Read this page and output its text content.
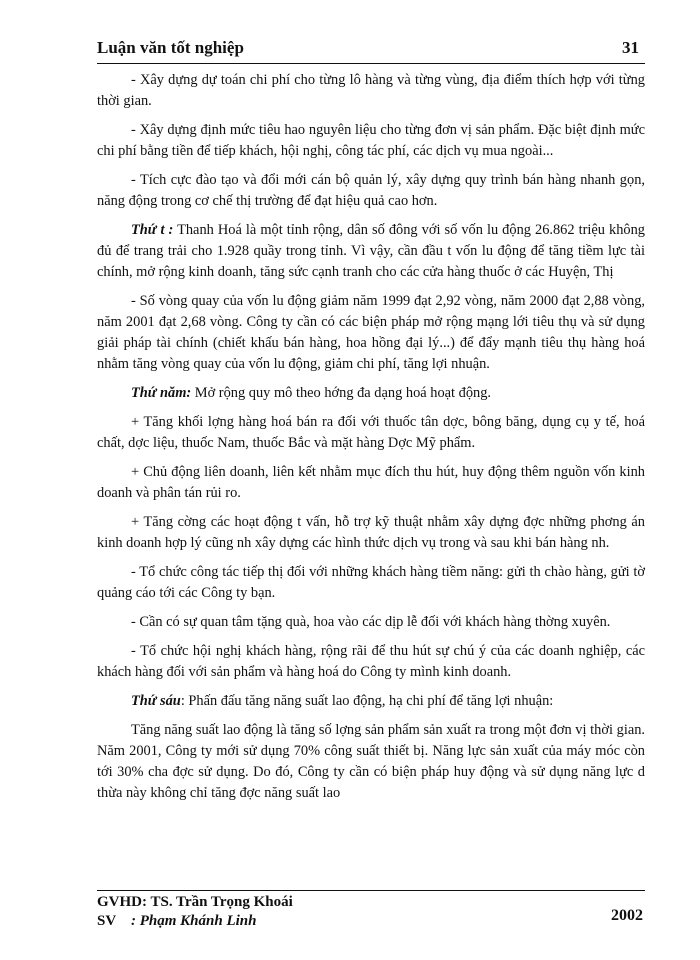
Luận văn tốt nghiệp	31

- Xây dựng dự toán chi phí cho từng lô hàng và từng vùng, địa điểm thích hợp với từng thời gian.

- Xây dựng định mức tiêu hao nguyên liệu cho từng đơn vị sản phẩm. Đặc biệt định mức chi phí bằng tiền để tiếp khách, hội nghị, công tác phí, các dịch vụ mua ngoài...

- Tích cực đào tạo và đổi mới cán bộ quản lý, xây dựng quy trình bán hàng nhanh gọn, năng động trong cơ chế thị trường để đạt hiệu quả cao hơn.

Thứ t : Thanh Hoá là một tỉnh rộng, dân số đông với số vốn lu động 26.862 triệu không đủ để trang trải cho 1.928 quầy trong tỉnh. Vì vậy, cần đầu t vốn lu động để tăng tiềm lực tài chính, mở rộng kinh doanh, tăng sức cạnh tranh cho các cửa hàng thuốc ở các Huyện, Thị

- Số vòng quay của vốn lu động giảm năm 1999 đạt 2,92 vòng, năm 2000 đạt 2,88 vòng, năm 2001 đạt 2,68 vòng. Công ty cần có các biện pháp mở rộng mạng lới tiêu thụ và sử dụng giải pháp tài chính (chiết khấu bán hàng, hoa hồng đại lý...) để đẩy mạnh tiêu thụ hàng hoá nhằm tăng vòng quay của vốn lu động, giảm chi phí, tăng lợi nhuận.

Thứ năm: Mở rộng quy mô theo hớng đa dạng hoá hoạt động.

+ Tăng khối lợng hàng hoá bán ra đối với thuốc tân dợc, bông băng, dụng cụ y tế, hoá chất, dợc liệu, thuốc Nam, thuốc Bắc và mặt hàng Dợc Mỹ phẩm.

+ Chủ động liên doanh, liên kết nhằm mục đích thu hút, huy động thêm nguồn vốn kinh doanh và phân tán rủi ro.

+ Tăng cờng các hoạt động t vấn, hỗ trợ kỹ thuật nhằm xây dựng đợc những phơng án kinh doanh hợp lý cũng nh xây dựng các hình thức dịch vụ trong và sau khi bán hàng nh.

- Tổ chức công tác tiếp thị đối với những khách hàng tiềm năng: gửi th chào hàng, gửi tờ quảng cáo tới các Công ty bạn.

- Cần có sự quan tâm tặng quà, hoa vào các dịp lễ đối với khách hàng thờng xuyên.

- Tổ chức hội nghị khách hàng, rộng rãi để thu hút sự chú ý của các doanh nghiệp, các khách hàng đối với sản phẩm và hàng hoá do Công ty mình kinh doanh.

Thứ sáu: Phấn đấu tăng năng suất lao động, hạ chi phí để tăng lợi nhuận:

Tăng năng suất lao động là tăng số lợng sản phẩm sản xuất ra trong một đơn vị thời gian. Năm 2001, Công ty mới sử dụng 70% công suất thiết bị. Năng lực sản xuất của máy móc còn tới 30% cha đợc sử dụng. Do đó, Công ty cần có biện pháp huy động và sử dụng năng lực d thừa này không chỉ tăng đợc năng suất lao

GVHD: TS. Trần Trọng Khoái
SV : Phạm Khánh Linh	2002
